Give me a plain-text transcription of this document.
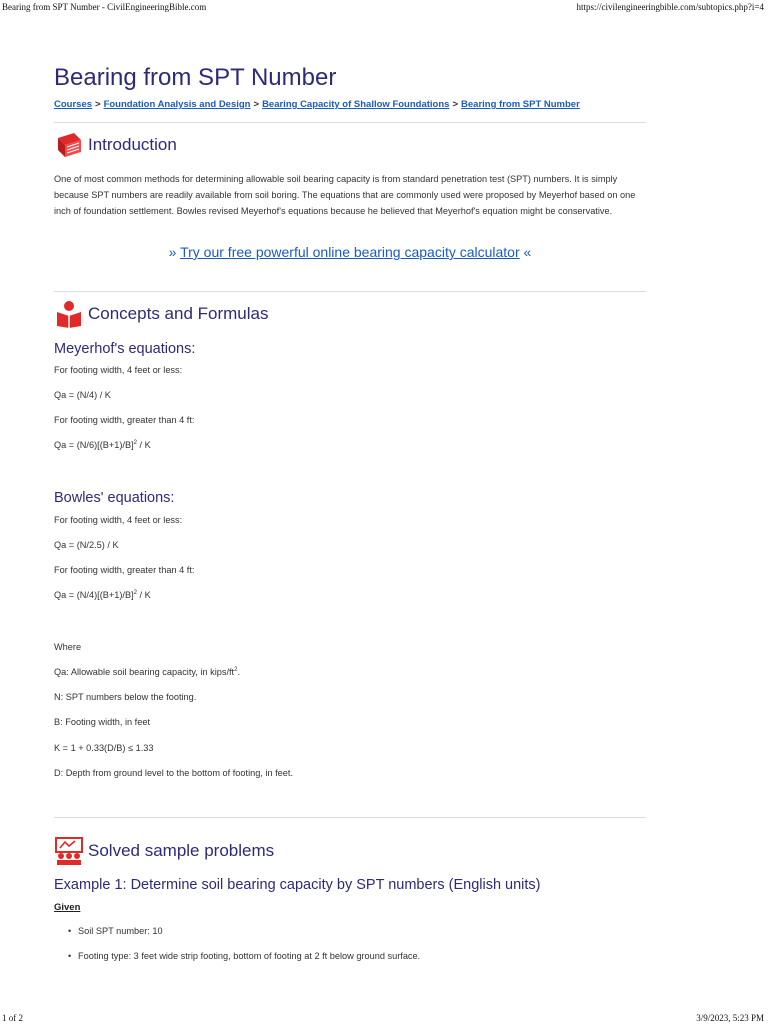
Bearing from SPT Number - CivilEngineeringBible.com	https://civilengineeringbible.com/subtopics.php?i=4
Bearing from SPT Number
Courses > Foundation Analysis and Design > Bearing Capacity of Shallow Foundations > Bearing from SPT Number
Introduction

One of most common methods for determining allowable soil bearing capacity is from standard penetration test (SPT) numbers. It is simply because SPT numbers are readily available from soil boring. The equations that are commonly used were proposed by Meyerhof based on one inch of foundation settlement. Bowles revised Meyerhof's equations because he believed that Meyerhof's equation might be conservative.

» Try our free powerful online bearing capacity calculator «
Concepts and Formulas
Meyerhof's equations:
For footing width, 4 feet or less:
Qa = (N/4) / K
For footing width, greater than 4 ft:
$Qa = (N/6)[(B+1)/B]^2 / K$
Bowles' equations:
For footing width, 4 feet or less:
Qa = (N/2.5) / K
For footing width, greater than 4 ft:
$Qa = (N/4)[(B+1)/B]^2 / K$
Where
Qa: Allowable soil bearing capacity, in kips/$ft^2$.
N: SPT numbers below the footing.
B: Footing width, in feet
K = 1 + 0.33(D/B) ≤ 1.33
D: Depth from ground level to the bottom of footing, in feet.
Solved sample problems
Example 1: Determine soil bearing capacity by SPT numbers (English units)
Given
• Soil SPT number: 10
• Footing type: 3 feet wide strip footing, bottom of footing at 2 ft below ground surface.
1 of 2	3/9/2023, 5:23 PM
